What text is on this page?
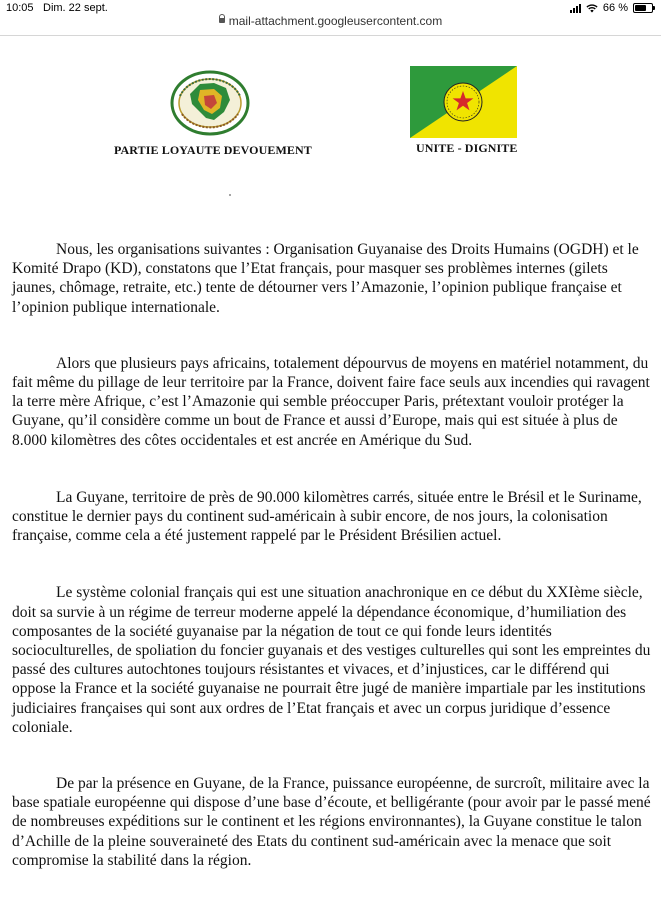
10:05 Dim. 22 sept.	66 %
mail-attachment.googleusercontent.com
PARTIE LOYAUTE DEVOUEMENT	UNITE - DIGNITE

Nous, les organisations suivantes : Organisation Guyanaise des Droits Humains (OGDH) et le Komité Drapo (KD), constatons que l’Etat français, pour masquer ses problèmes internes (gilets jaunes, chômage, retraite, etc.) tente de détourner vers l’Amazonie, l’opinion publique française et l’opinion publique internationale.

Alors que plusieurs pays africains, totalement dépourvus de moyens en matériel notamment, du fait même du pillage de leur territoire par la France, doivent faire face seuls aux incendies qui ravagent la terre mère Afrique, c’est l’Amazonie qui semble préoccuper Paris, prétextant vouloir protéger la Guyane, qu’il considère comme un bout de France et aussi d’Europe, mais qui est située à plus de 8.000 kilomètres des côtes occidentales et est ancrée en Amérique du Sud.

La Guyane, territoire de près de 90.000 kilomètres carrés, située entre le Brésil et le Suriname, constitue le dernier pays du continent sud-américain à subir encore, de nos jours, la colonisation française, comme cela a été justement rappelé par le Président Brésilien actuel.

Le système colonial français qui est une situation anachronique en ce début du XXIème siècle, doit sa survie à un régime de terreur moderne appelé la dépendance économique, d’humiliation des composantes de la société guyanaise par la négation de tout ce qui fonde leurs identités socioculturelles, de spoliation du foncier guyanais et des vestiges culturelles qui sont les empreintes du passé des cultures autochtones toujours résistantes et vivaces, et d’injustices, car le différend qui oppose la France et la société guyanaise ne pourrait être jugé de manière impartiale par les institutions judiciaires françaises qui sont aux ordres de l’Etat français et avec un corpus juridique d’essence coloniale.

De par la présence en Guyane, de la France, puissance européenne, de surcroît, militaire avec la base spatiale européenne qui dispose d’une base d’écoute, et belligérante (pour avoir par le passé mené de nombreuses expéditions sur le continent et les régions environnantes), la Guyane constitue le talon d’Achille de la pleine souveraineté des Etats du continent sud-américain avec la menace que soit compromise la stabilité dans la région.
